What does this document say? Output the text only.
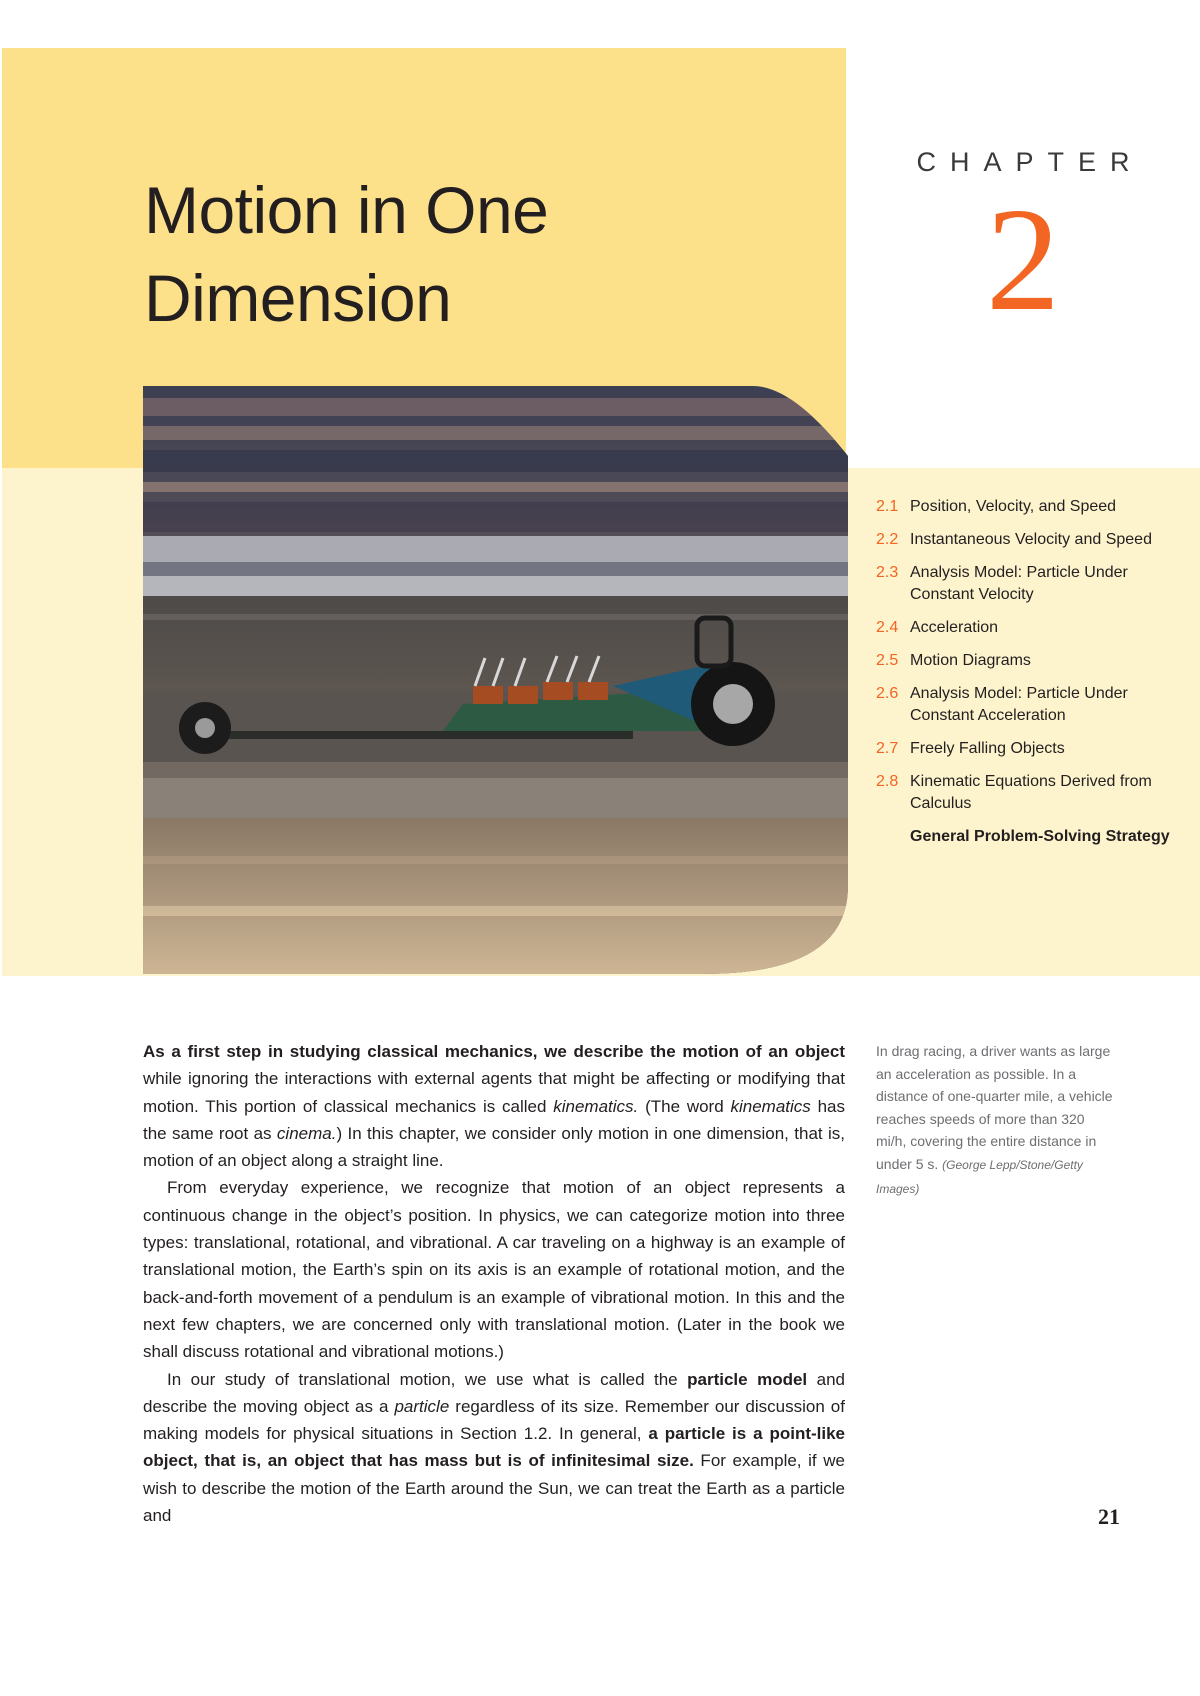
Motion in One
Dimension
CHAPTER
2
2.1 Position, Velocity, and Speed
2.2 Instantaneous Velocity and Speed
2.3 Analysis Model: Particle Under Constant Velocity
2.4 Acceleration
2.5 Motion Diagrams
2.6 Analysis Model: Particle Under Constant Acceleration
2.7 Freely Falling Objects
2.8 Kinematic Equations Derived from Calculus
General Problem-Solving Strategy

As a first step in studying classical mechanics, we describe the motion of an object while ignoring the interactions with external agents that might be affecting or modifying that motion. This portion of classical mechanics is called kinematics. (The word kinematics has the same root as cinema.) In this chapter, we consider only motion in one dimension, that is, motion of an object along a straight line.

From everyday experience, we recognize that motion of an object represents a continuous change in the object’s position. In physics, we can categorize motion into three types: translational, rotational, and vibrational. A car traveling on a highway is an example of translational motion, the Earth’s spin on its axis is an example of rotational motion, and the back-and-forth movement of a pendulum is an example of vibrational motion. In this and the next few chapters, we are concerned only with translational motion. (Later in the book we shall discuss rotational and vibrational motions.)

In our study of translational motion, we use what is called the particle model and describe the moving object as a particle regardless of its size. Remember our discussion of making models for physical situations in Section 1.2. In general, a particle is a point-like object, that is, an object that has mass but is of infinitesimal size. For example, if we wish to describe the motion of the Earth around the Sun, we can treat the Earth as a particle and

In drag racing, a driver wants as large an acceleration as possible. In a distance of one-quarter mile, a vehicle reaches speeds of more than 320 mi/h, covering the entire distance in under 5 s. (George Lepp/Stone/Getty Images)

21
